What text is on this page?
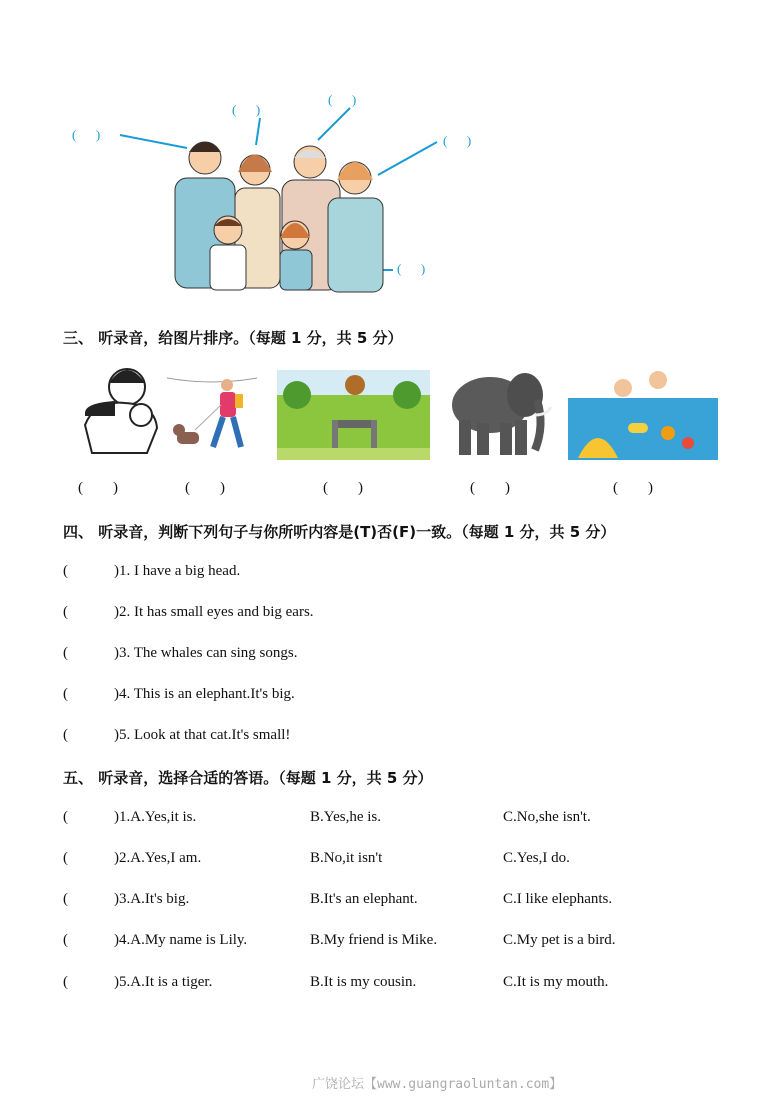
(      )
(      )
(      )
(      )
(      )
三、 听录音，给图片排序。（每题 1 分，共 5 分）
(        )	(        )	(        )	(        )	(        )
四、 听录音，判断下列句子与你所听内容是(T)否(F)一致。（每题 1 分，共 5 分）
(	)1. I have a big head.
(	)2. It has small eyes and big ears.
(	)3. The whales can sing songs.
(	)4. This is an elephant.It's big.
(	)5. Look at that cat.It's small!
五、 听录音，选择合适的答语。（每题 1 分，共 5 分）
(	)1.A.Yes,it is.	B.Yes,he is.	C.No,she isn't.
(	)2.A.Yes,I am.	B.No,it isn't	C.Yes,I do.
(	)3.A.It's big.	B.It's an elephant.	C.I like elephants.
(	)4.A.My name is Lily.	B.My friend is Mike.	C.My pet is a bird.
(	)5.A.It is a tiger.	B.It is my cousin.	C.It is my mouth.
广饶论坛【www.guangraoluntan.com】
